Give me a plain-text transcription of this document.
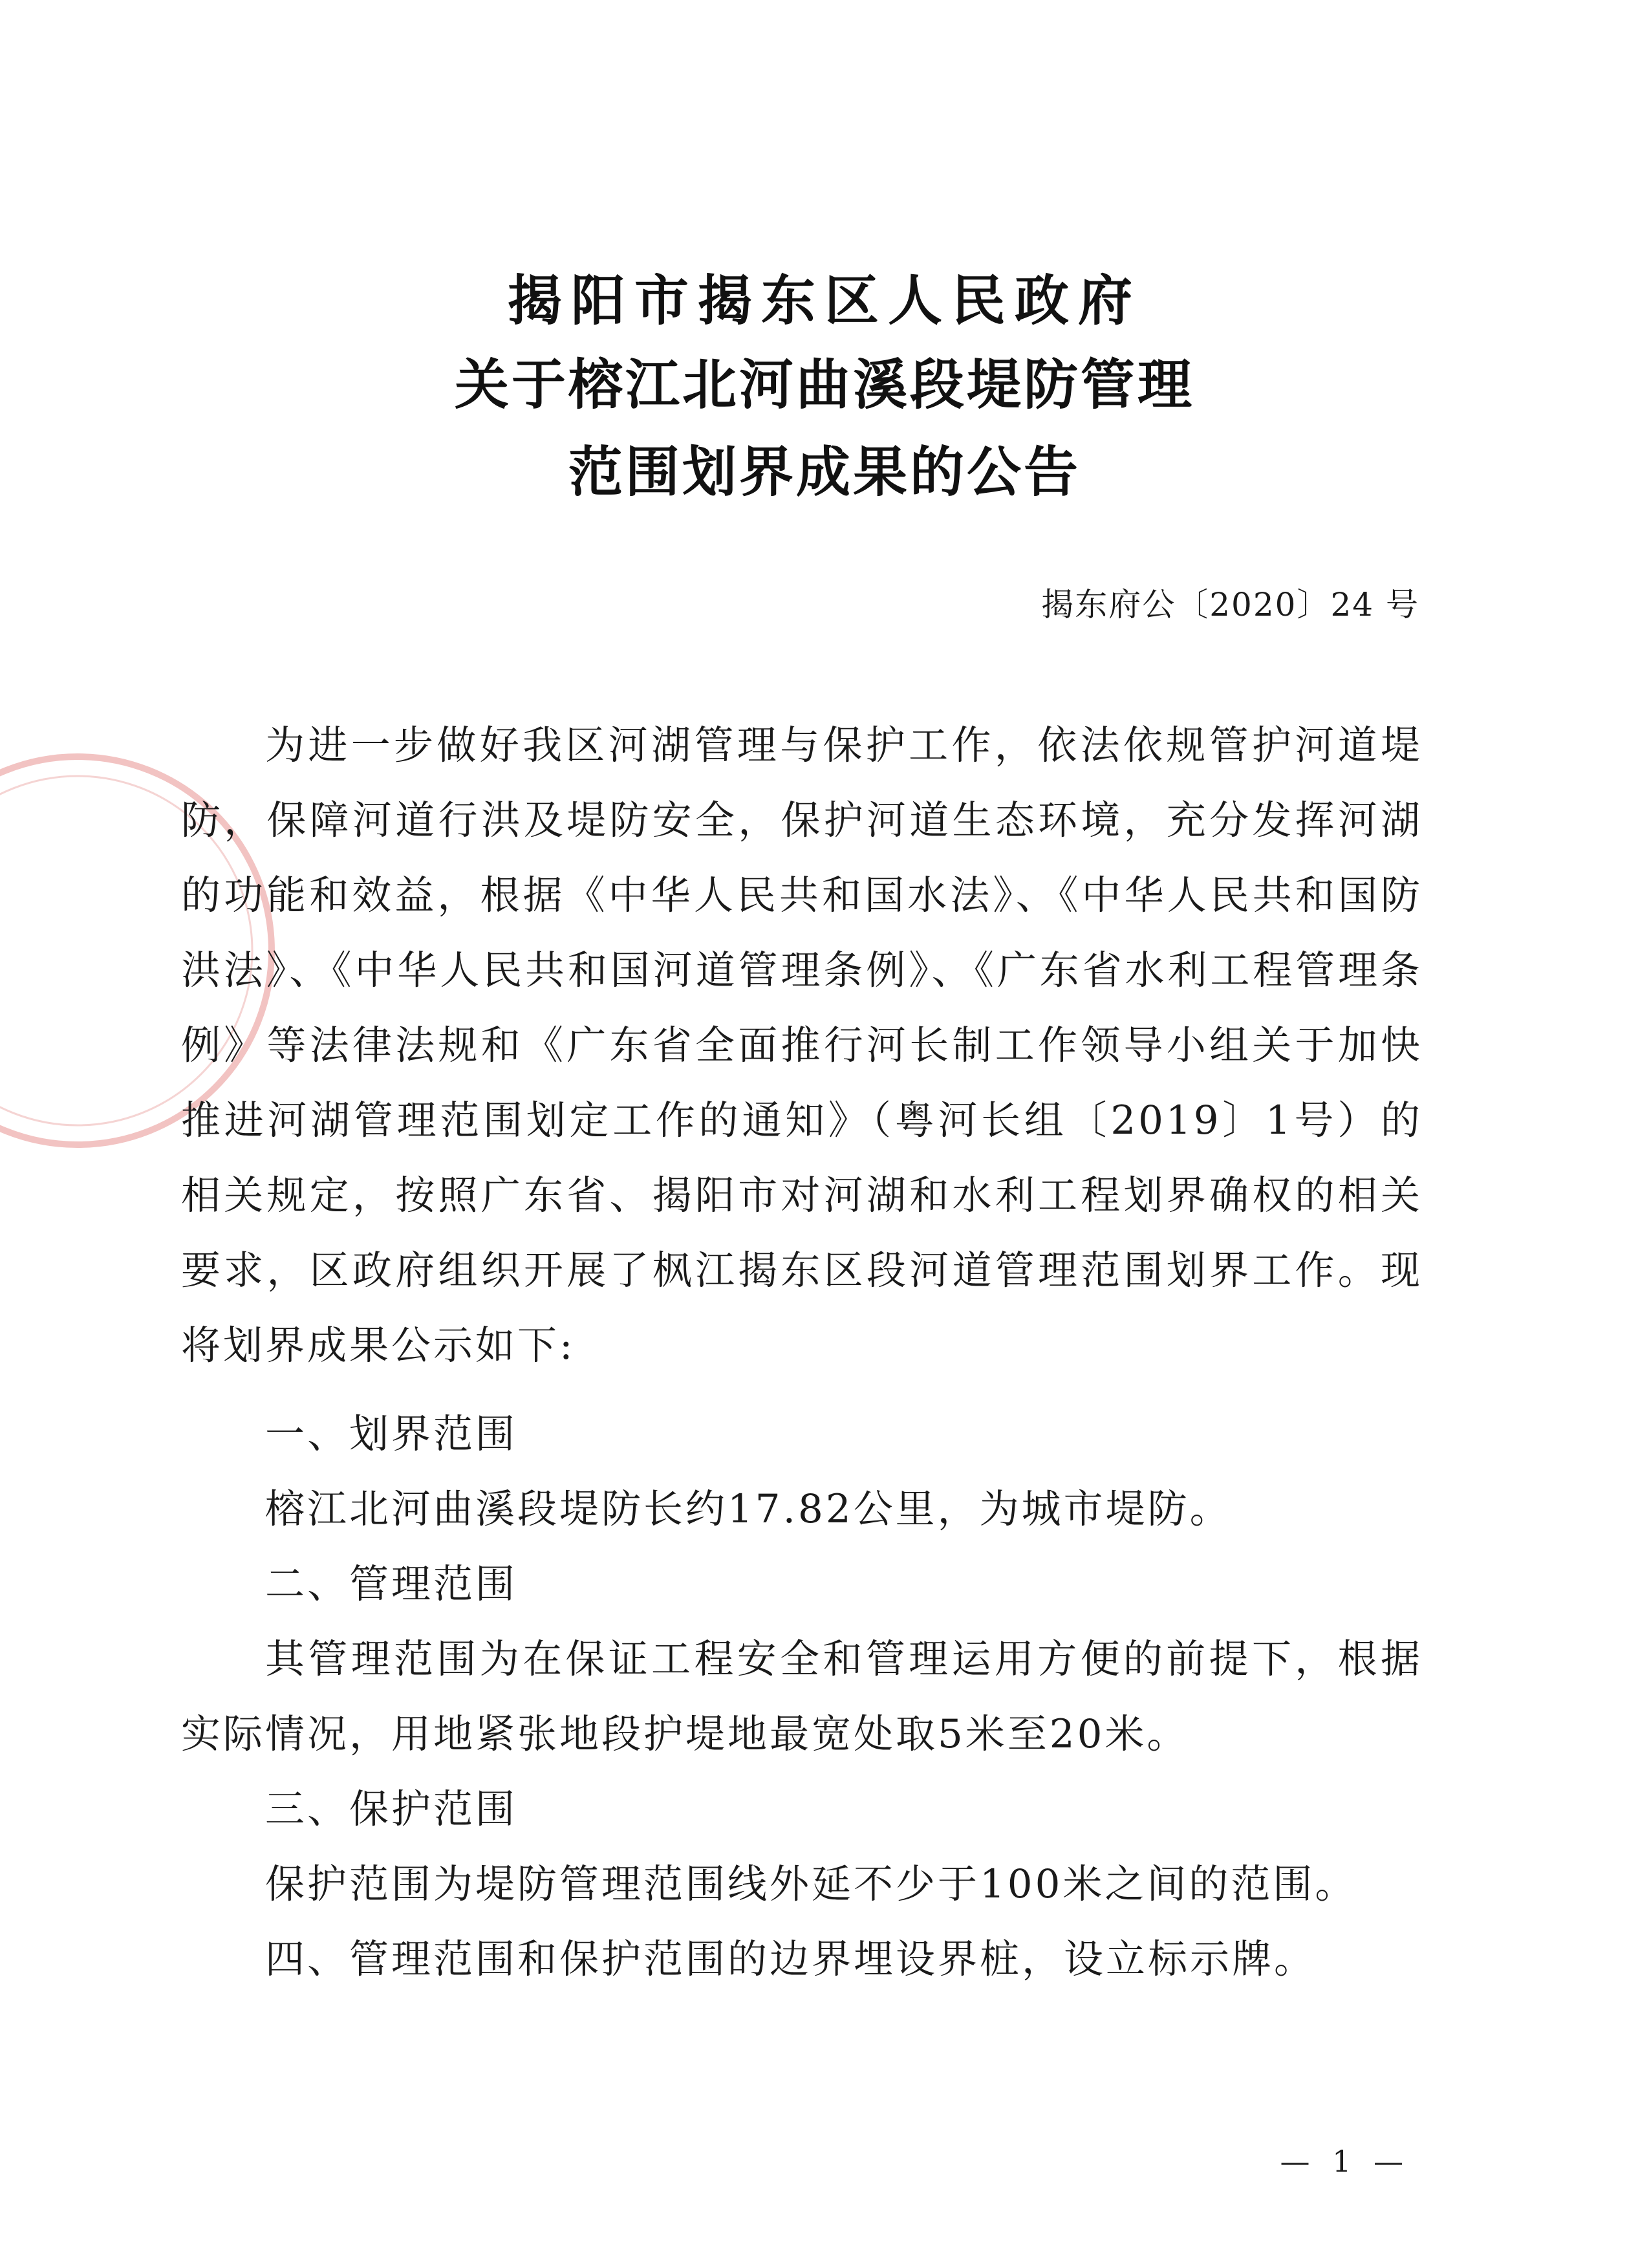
揭阳市揭东区人民政府
关于榕江北河曲溪段堤防管理
范围划界成果的公告
揭东府公〔2020〕24 号

为进一步做好我区河湖管理与保护工作，依法依规管护河道堤防，保障河道行洪及堤防安全，保护河道生态环境，充分发挥河湖的功能和效益，根据《中华人民共和国水法》、《中华人民共和国防洪法》、《中华人民共和国河道管理条例》、《广东省水利工程管理条例》等法律法规和《广东省全面推行河长制工作领导小组关于加快推进河湖管理范围划定工作的通知》（粤河长组〔2019〕1号）的相关规定，按照广东省、揭阳市对河湖和水利工程划界确权的相关要求，区政府组织开展了枫江揭东区段河道管理范围划界工作。现将划界成果公示如下:

一、划界范围
榕江北河曲溪段堤防长约17.82公里，为城市堤防。
二、管理范围
其管理范围为在保证工程安全和管理运用方便的前提下，根据实际情况，用地紧张地段护堤地最宽处取5米至20米。
三、保护范围
保护范围为堤防管理范围线外延不少于100米之间的范围。
四、管理范围和保护范围的边界埋设界桩，设立标示牌。
— 1 —
